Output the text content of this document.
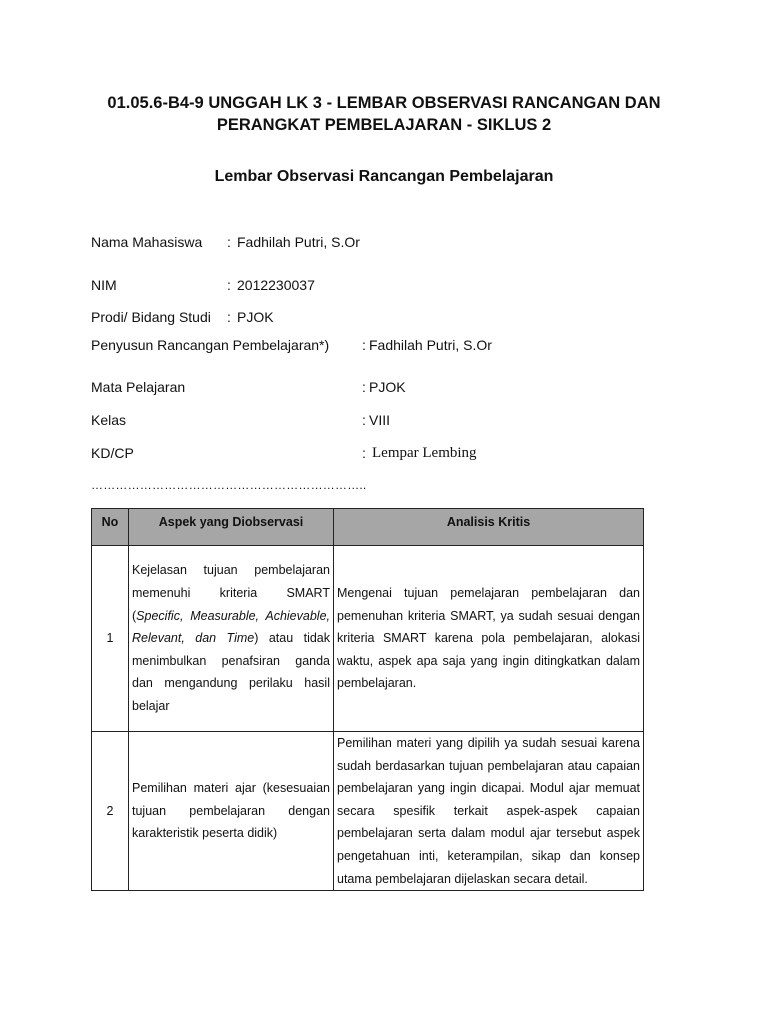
01.05.6-B4-9 UNGGAH LK 3 - LEMBAR OBSERVASI RANCANGAN DAN
PERANGKAT PEMBELAJARAN - SIKLUS 2
Lembar Observasi Rancangan Pembelajaran
Nama Mahasiswa : Fadhilah Putri, S.Or
NIM	: 2012230037
Prodi/ Bidang Studi : PJOK
Penyusun Rancangan Pembelajaran*) : Fadhilah Putri, S.Or
Mata Pelajaran	: PJOK
Kelas	: VIII
KD/CP	: Lempar Lembing
…………………………………………………………..
No	Aspek yang Diobservasi	Analisis Kritis
1	Kejelasan tujuan pembelajaran memenuhi kriteria SMART (Specific, Measurable, Achievable, Relevant, dan Time) atau tidak menimbulkan penafsiran ganda dan mengandung perilaku hasil belajar	Mengenai tujuan pemelajaran pembelajaran dan pemenuhan kriteria SMART, ya sudah sesuai dengan kriteria SMART karena pola pembelajaran, alokasi waktu, aspek apa saja yang ingin ditingkatkan dalam pembelajaran.
2	Pemilihan materi ajar (kesesuaian tujuan pembelajaran dengan karakteristik peserta didik)	Pemilihan materi yang dipilih ya sudah sesuai karena sudah berdasarkan tujuan pembelajaran atau capaian pembelajaran yang ingin dicapai. Modul ajar memuat secara spesifik terkait aspek-aspek capaian pembelajaran serta dalam modul ajar tersebut aspek pengetahuan inti, keterampilan, sikap dan konsep utama pembelajaran dijelaskan secara detail.
